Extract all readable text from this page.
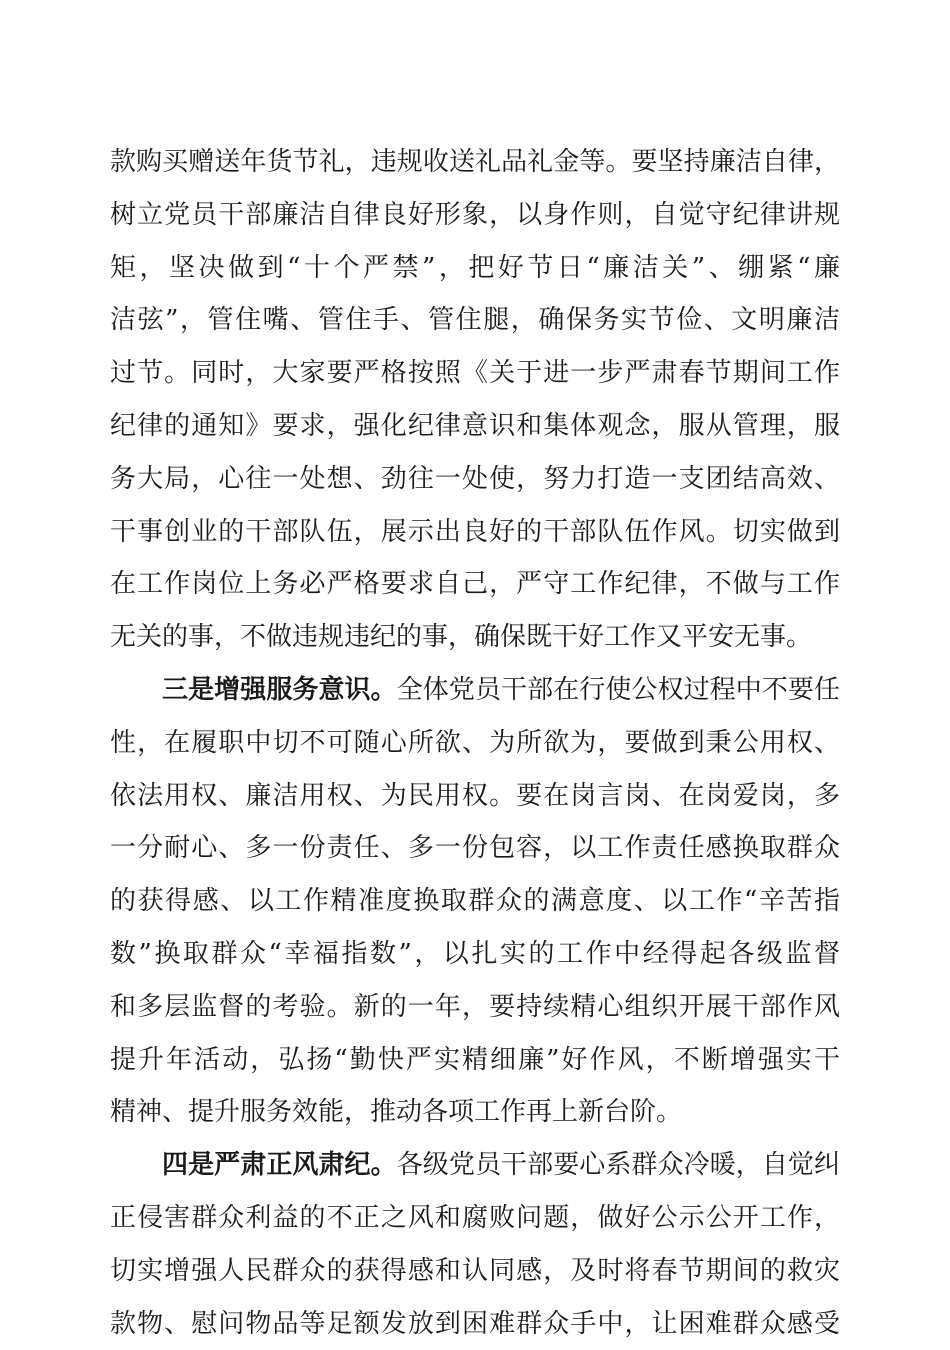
款购买赠送年货节礼，违规收送礼品礼金等。要坚持廉洁自律，
树立党员干部廉洁自律良好形象，以身作则，自觉守纪律讲规
矩，坚决做到“十个严禁”，把好节日“廉洁关”、绷紧“廉
洁弦”，管住嘴、管住手、管住腿，确保务实节俭、文明廉洁
过节。同时，大家要严格按照《关于进一步严肃春节期间工作
纪律的通知》要求，强化纪律意识和集体观念，服从管理，服
务大局，心往一处想、劲往一处使，努力打造一支团结高效、
干事创业的干部队伍，展示出良好的干部队伍作风。切实做到
在工作岗位上务必严格要求自己，严守工作纪律，不做与工作
无关的事，不做违规违纪的事，确保既干好工作又平安无事。
三是增强服务意识。全体党员干部在行使公权过程中不要任
性，在履职中切不可随心所欲、为所欲为，要做到秉公用权、
依法用权、廉洁用权、为民用权。要在岗言岗、在岗爱岗，多
一分耐心、多一份责任、多一份包容，以工作责任感换取群众
的获得感、以工作精准度换取群众的满意度、以工作“辛苦指
数”换取群众“幸福指数”，以扎实的工作中经得起各级监督
和多层监督的考验。新的一年，要持续精心组织开展干部作风
提升年活动，弘扬“勤快严实精细廉”好作风，不断增强实干
精神、提升服务效能，推动各项工作再上新台阶。
四是严肃正风肃纪。各级党员干部要心系群众冷暖，自觉纠
正侵害群众利益的不正之风和腐败问题，做好公示公开工作，
切实增强人民群众的获得感和认同感，及时将春节期间的救灾
款物、慰问物品等足额发放到困难群众手中，让困难群众感受
